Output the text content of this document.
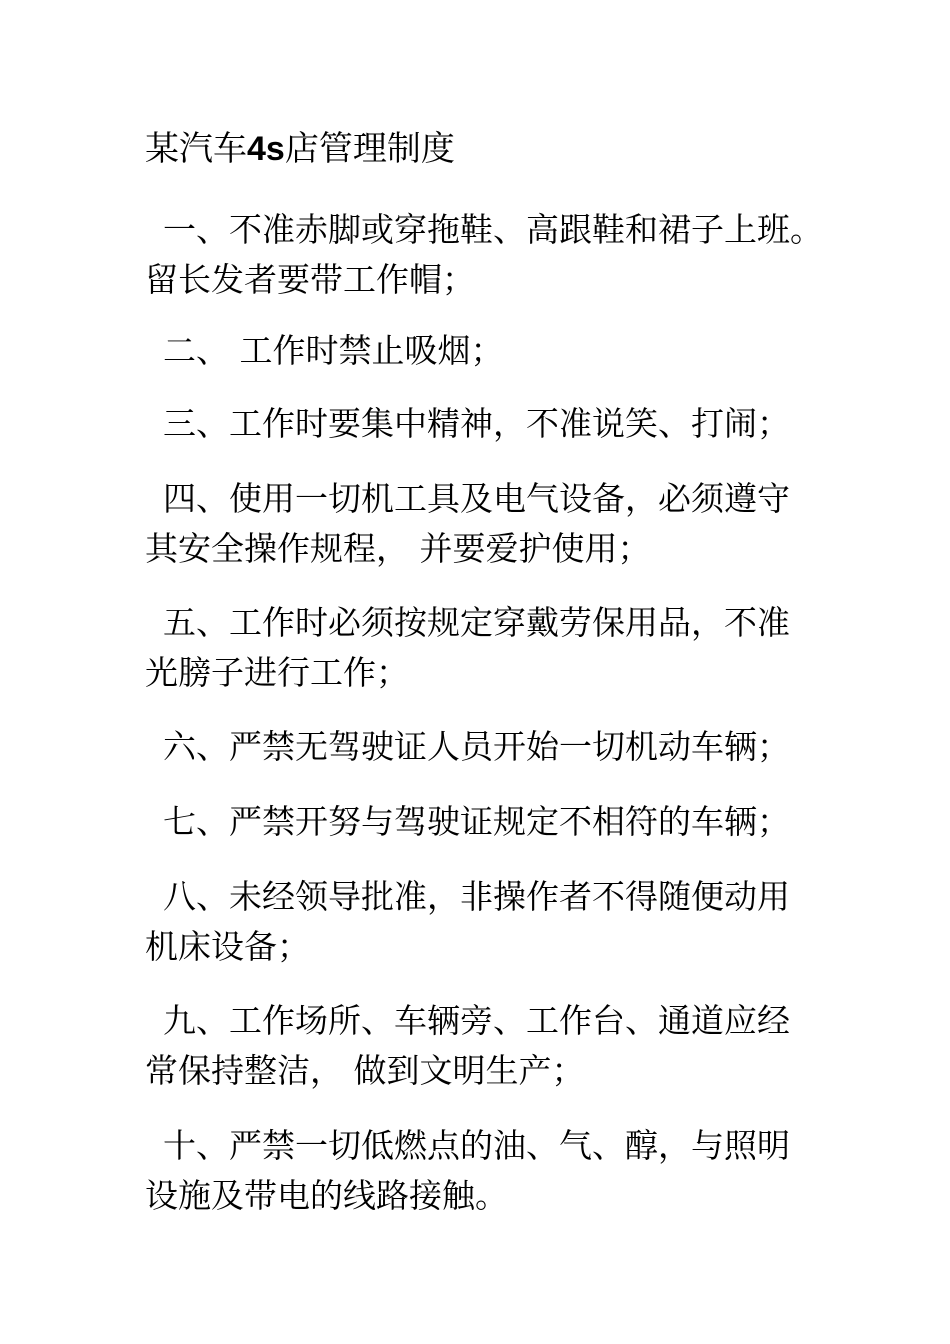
某汽车4s店管理制度
一、不准赤脚或穿拖鞋、高跟鞋和裙子上班。
留长发者要带工作帽；
二、 工作时禁止吸烟；
三、工作时要集中精神，不准说笑、打闹；
四、使用一切机工具及电气设备，必须遵守
其安全操作规程， 并要爱护使用；
五、工作时必须按规定穿戴劳保用品，不准
光膀子进行工作；
六、严禁无驾驶证人员开始一切机动车辆；
七、严禁开努与驾驶证规定不相符的车辆；
八、未经领导批准，非操作者不得随便动用
机床设备；
九、工作场所、车辆旁、工作台、通道应经
常保持整洁， 做到文明生产；
十、严禁一切低燃点的油、气、醇，与照明
设施及带电的线路接触。
